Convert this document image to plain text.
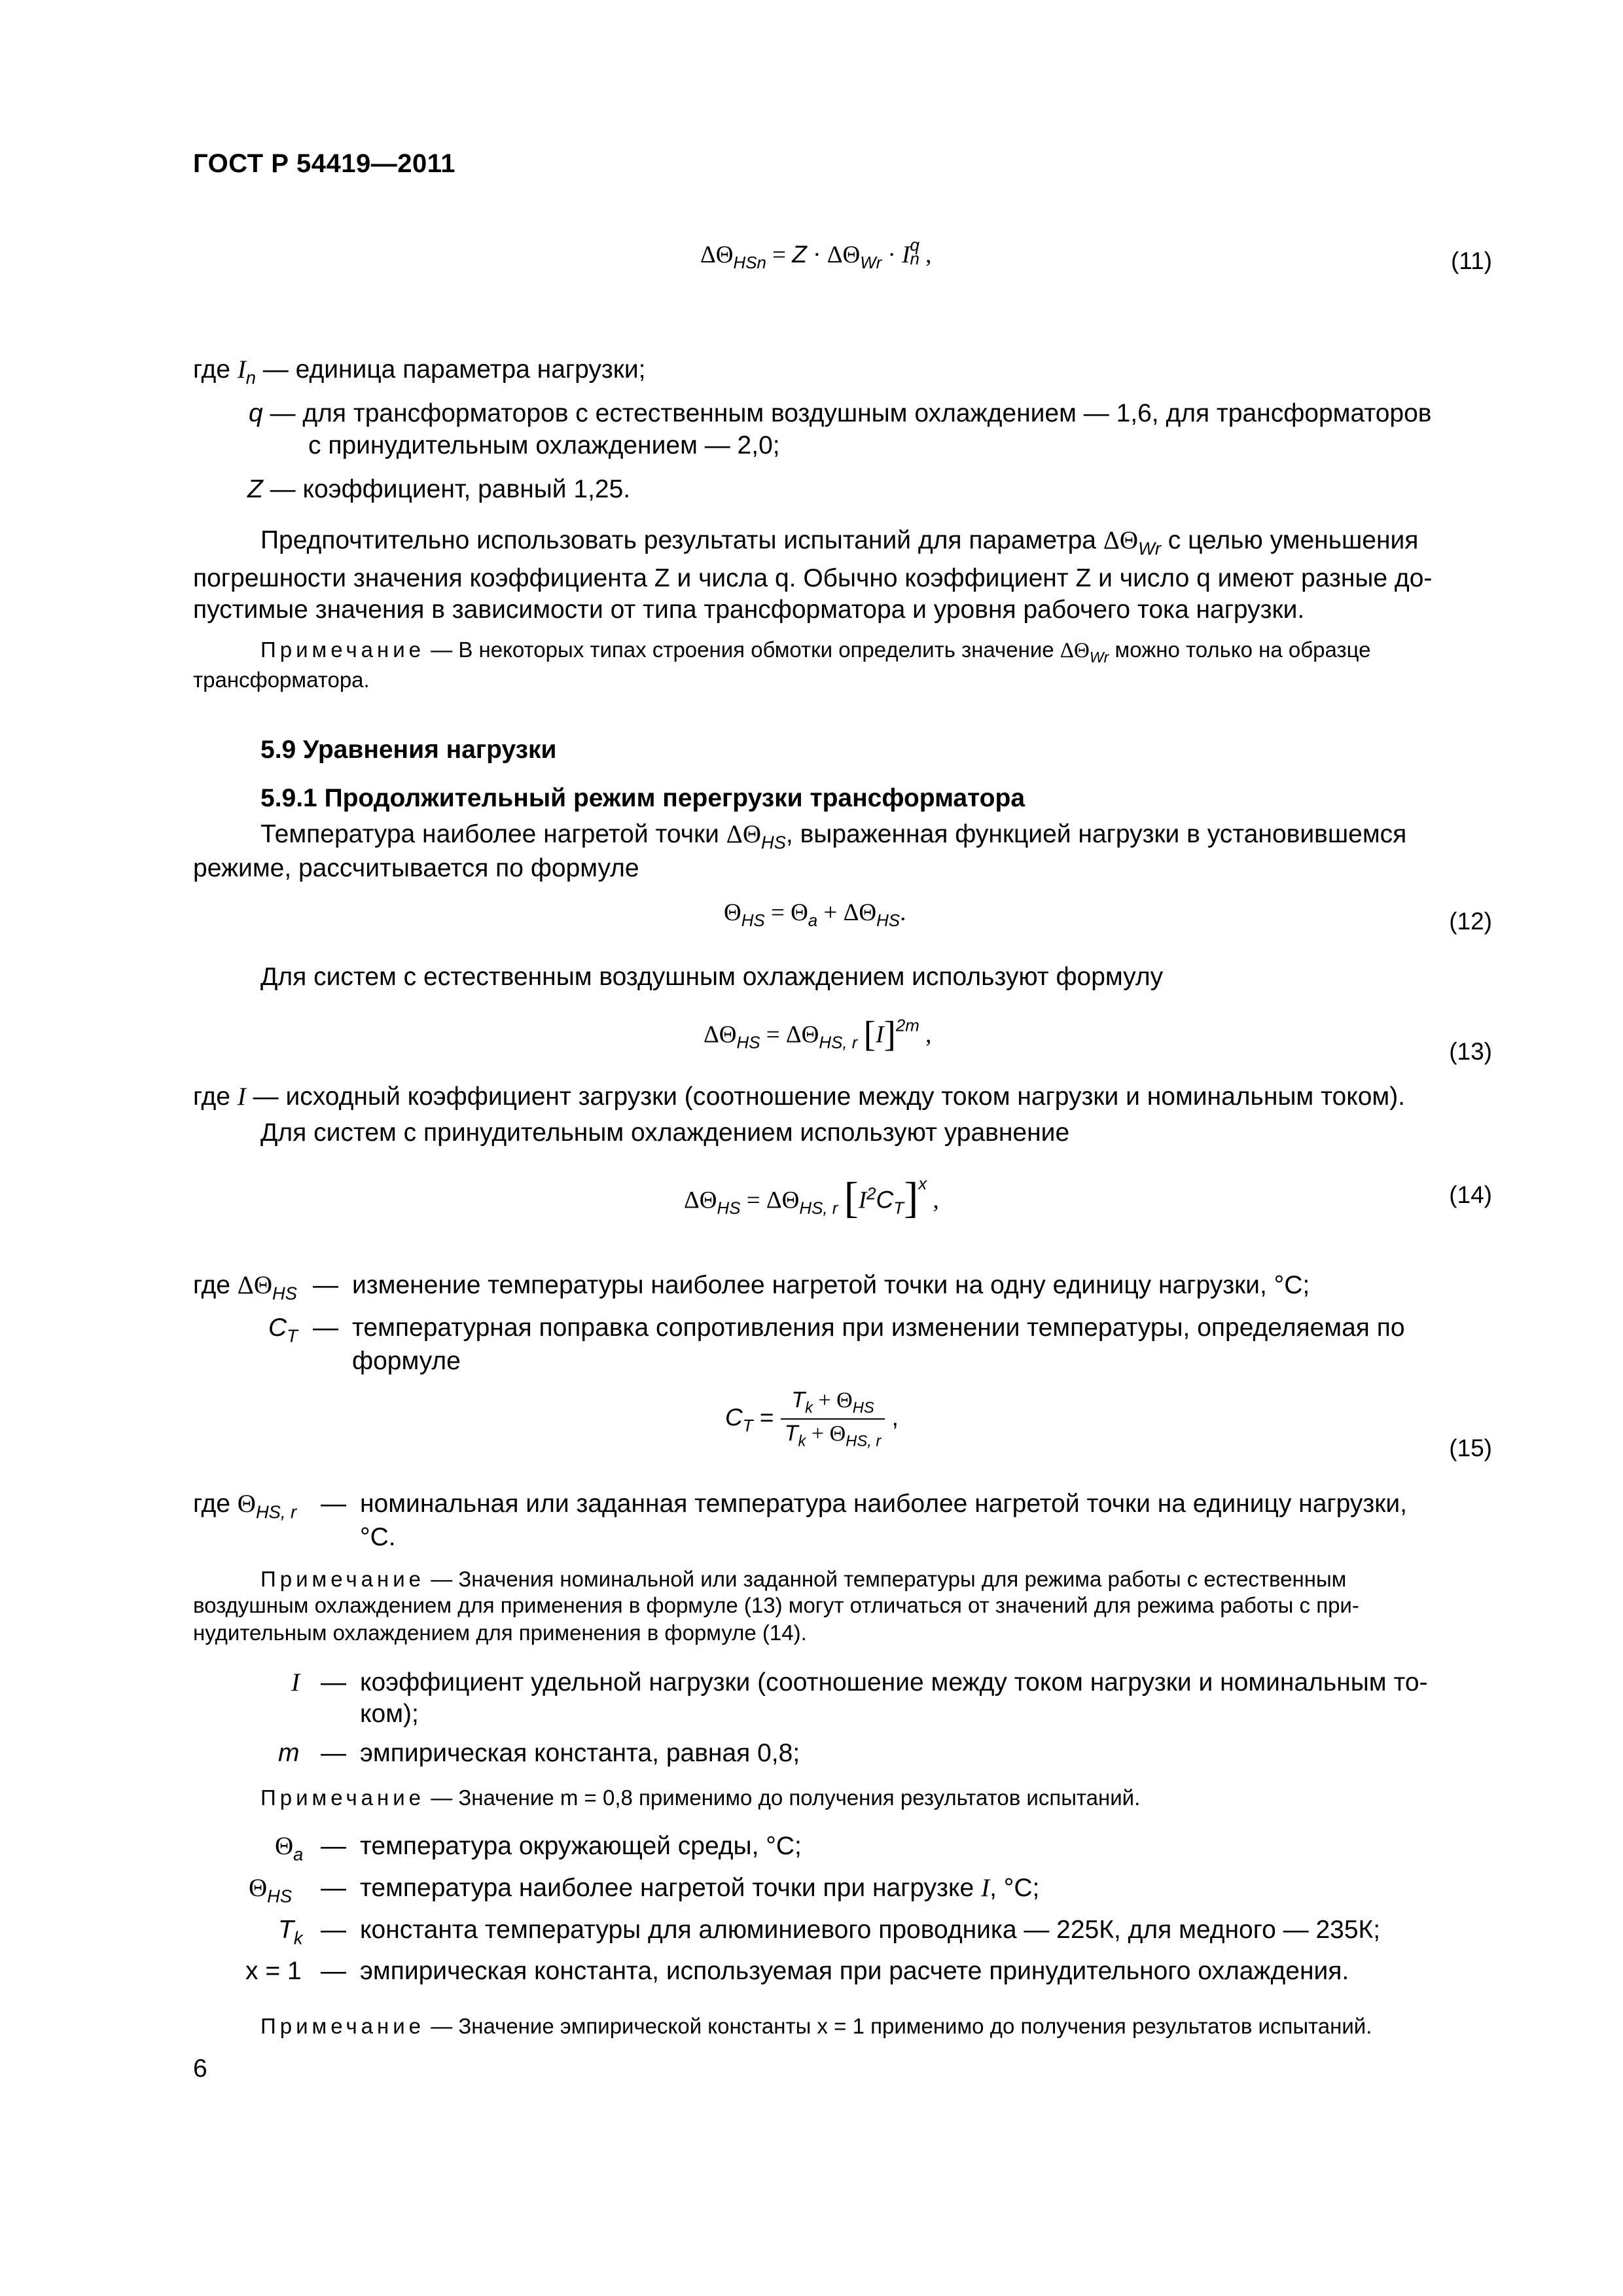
ГОСТ Р 54419—2011
$\Delta\Theta_{HSn} = Z \cdot \Delta\Theta_{Wr} \cdot I$ q
n ,	(11)
где $I_n$ — единица параметра нагрузки;
q — для трансформаторов с естественным воздушным охлаждением — 1,6, для трансформаторов
с принудительным охлаждением — 2,0;
Z — коэффициент, равный 1,25.
Предпочтительно использовать результаты испытаний для параметра $\Delta\Theta_{Wr}$ с целью уменьшения
погрешности значения коэффициента Z и числа q. Обычно коэффициент Z и число q имеют разные до-
пустимые значения в зависимости от типа трансформатора и уровня рабочего тока нагрузки.
Примечание — В некоторых типах строения обмотки определить значение $\Delta\Theta_{Wr}$ можно только на образце
трансформатора.
5.9 Уравнения нагрузки
5.9.1 Продолжительный режим перегрузки трансформатора
Температура наиболее нагретой точки $\Delta\Theta_{HS}$, выраженная функцией нагрузки в установившемся
режиме, рассчитывается по формуле
$\Theta_{HS} = \Theta_a + \Delta\Theta_{HS}$.	(12)
Для систем с естественным воздушным охлаждением используют формулу
$\Delta\Theta_{HS} = \Delta\Theta_{HS, r}$ $[I]^{2m}$ ,
(13)
где I — исходный коэффициент загрузки (соотношение между током нагрузки и номинальным током).
Для систем с принудительным охлаждением используют уравнение
$\Delta\Theta_{HS} = \Delta\Theta_{HS, r}$ $[I^2C_T]^x$ ,	(14)
где $\Delta\Theta_{HS}$ — изменение температуры наиболее нагретой точки на одну единицу нагрузки, °С;
$C_T$ — температурная поправка сопротивления при изменении температуры, определяемая по
формуле
$C_T = \frac{T_k + \Theta_{HS}}{T_k + \Theta_{HS, r}}$ ,
(15)
где $\Theta_{HS, r}$ — номинальная или заданная температура наиболее нагретой точки на единицу нагрузки,
°С.
Примечание — Значения номинальной или заданной температуры для режима работы с естественным
воздушным охлаждением для применения в формуле (13) могут отличаться от значений для режима работы с при-
нудительным охлаждением для применения в формуле (14).
I — коэффициент удельной нагрузки (соотношение между током нагрузки и номинальным то-
ком);
m — эмпирическая константа, равная 0,8;
Примечание — Значение m = 0,8 применимо до получения результатов испытаний.
$\Theta_a$ — температура окружающей среды, °С;
$\Theta_{HS}$ — температура наиболее нагретой точки при нагрузке I, °С;
$T_k$ — константа температуры для алюминиевого проводника — 225К, для медного — 235К;
x = 1 — эмпирическая константа, используемая при расчете принудительного охлаждения.
Примечание — Значение эмпирической константы x = 1 применимо до получения результатов испытаний.
6
